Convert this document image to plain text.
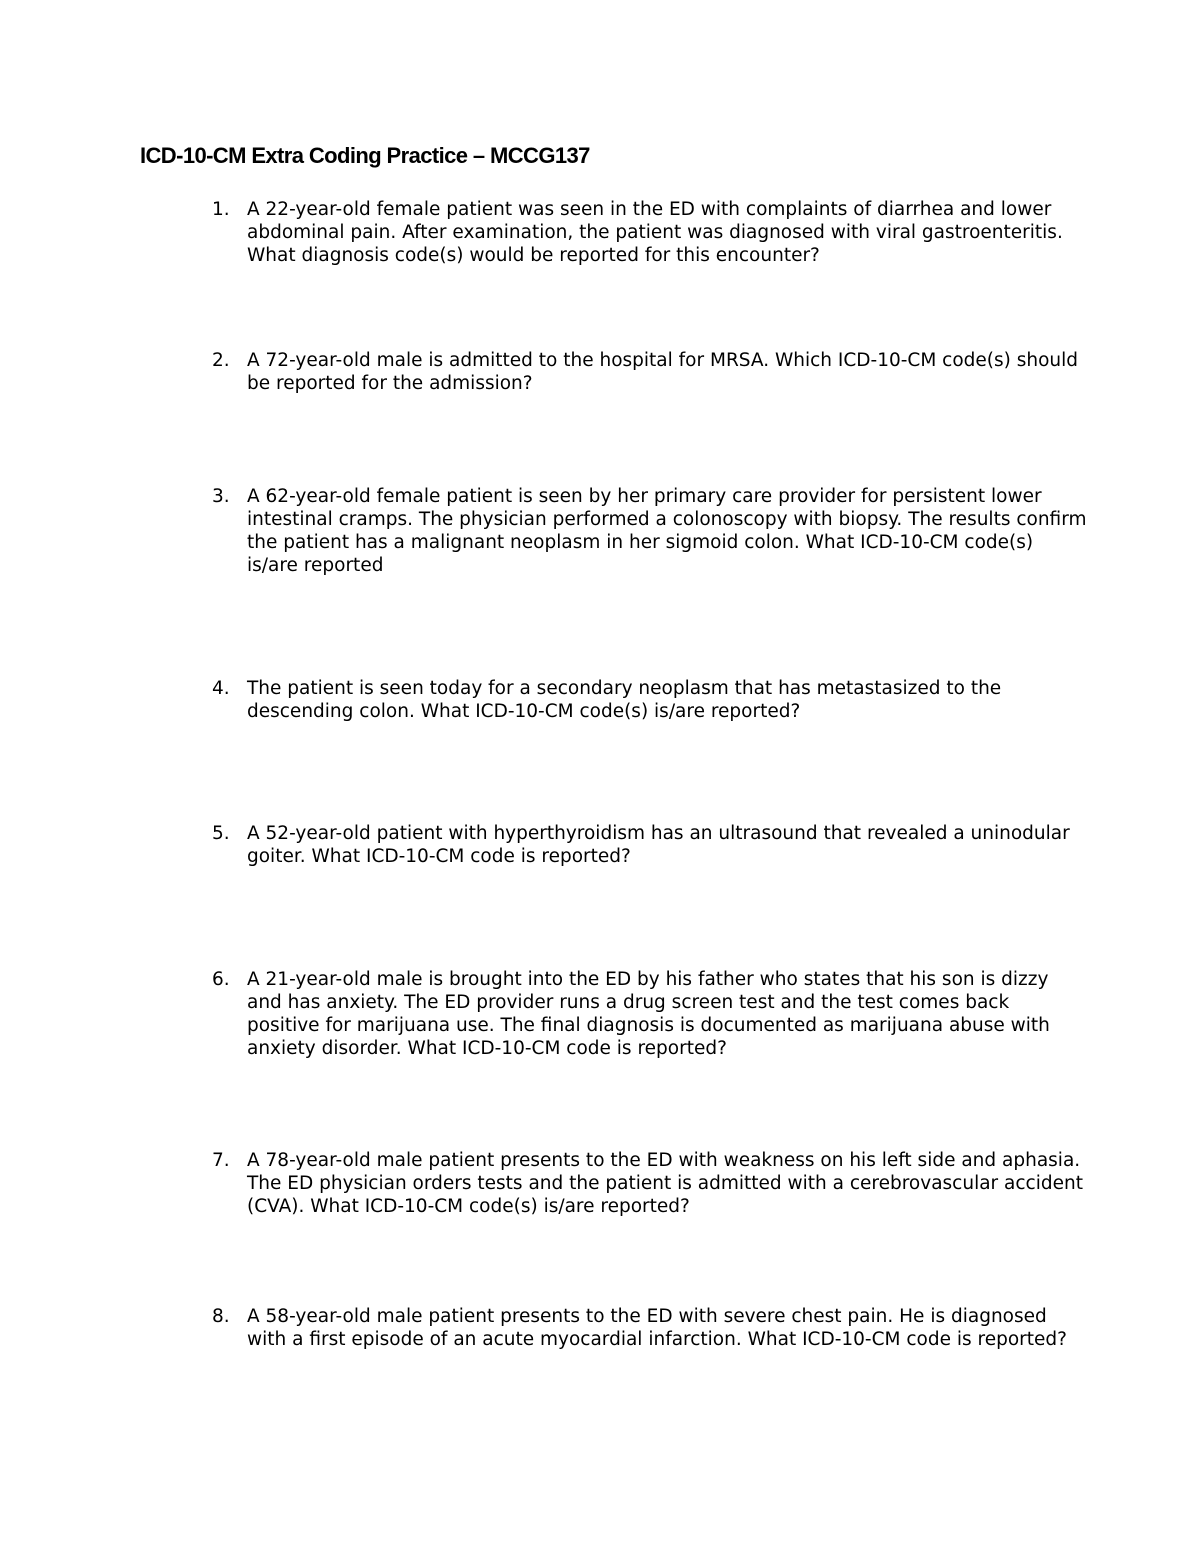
ICD-10-CM Extra Coding Practice – MCCG137
1. A 22-year-old female patient was seen in the ED with complaints of diarrhea and lower abdominal pain. After examination, the patient was diagnosed with viral gastroenteritis. What diagnosis code(s) would be reported for this encounter?
2. A 72-year-old male is admitted to the hospital for MRSA. Which ICD-10-CM code(s) should be reported for the admission?
3. A 62-year-old female patient is seen by her primary care provider for persistent lower intestinal cramps. The physician performed a colonoscopy with biopsy. The results confirm the patient has a malignant neoplasm in her sigmoid colon. What ICD-10-CM code(s) is/are reported
4. The patient is seen today for a secondary neoplasm that has metastasized to the descending colon. What ICD-10-CM code(s) is/are reported?
5. A 52-year-old patient with hyperthyroidism has an ultrasound that revealed a uninodular goiter. What ICD-10-CM code is reported?
6. A 21-year-old male is brought into the ED by his father who states that his son is dizzy and has anxiety. The ED provider runs a drug screen test and the test comes back positive for marijuana use. The final diagnosis is documented as marijuana abuse with anxiety disorder. What ICD-10-CM code is reported?
7. A 78-year-old male patient presents to the ED with weakness on his left side and aphasia. The ED physician orders tests and the patient is admitted with a cerebrovascular accident (CVA). What ICD-10-CM code(s) is/are reported?
8. A 58-year-old male patient presents to the ED with severe chest pain. He is diagnosed with a first episode of an acute myocardial infarction. What ICD-10-CM code is reported?
